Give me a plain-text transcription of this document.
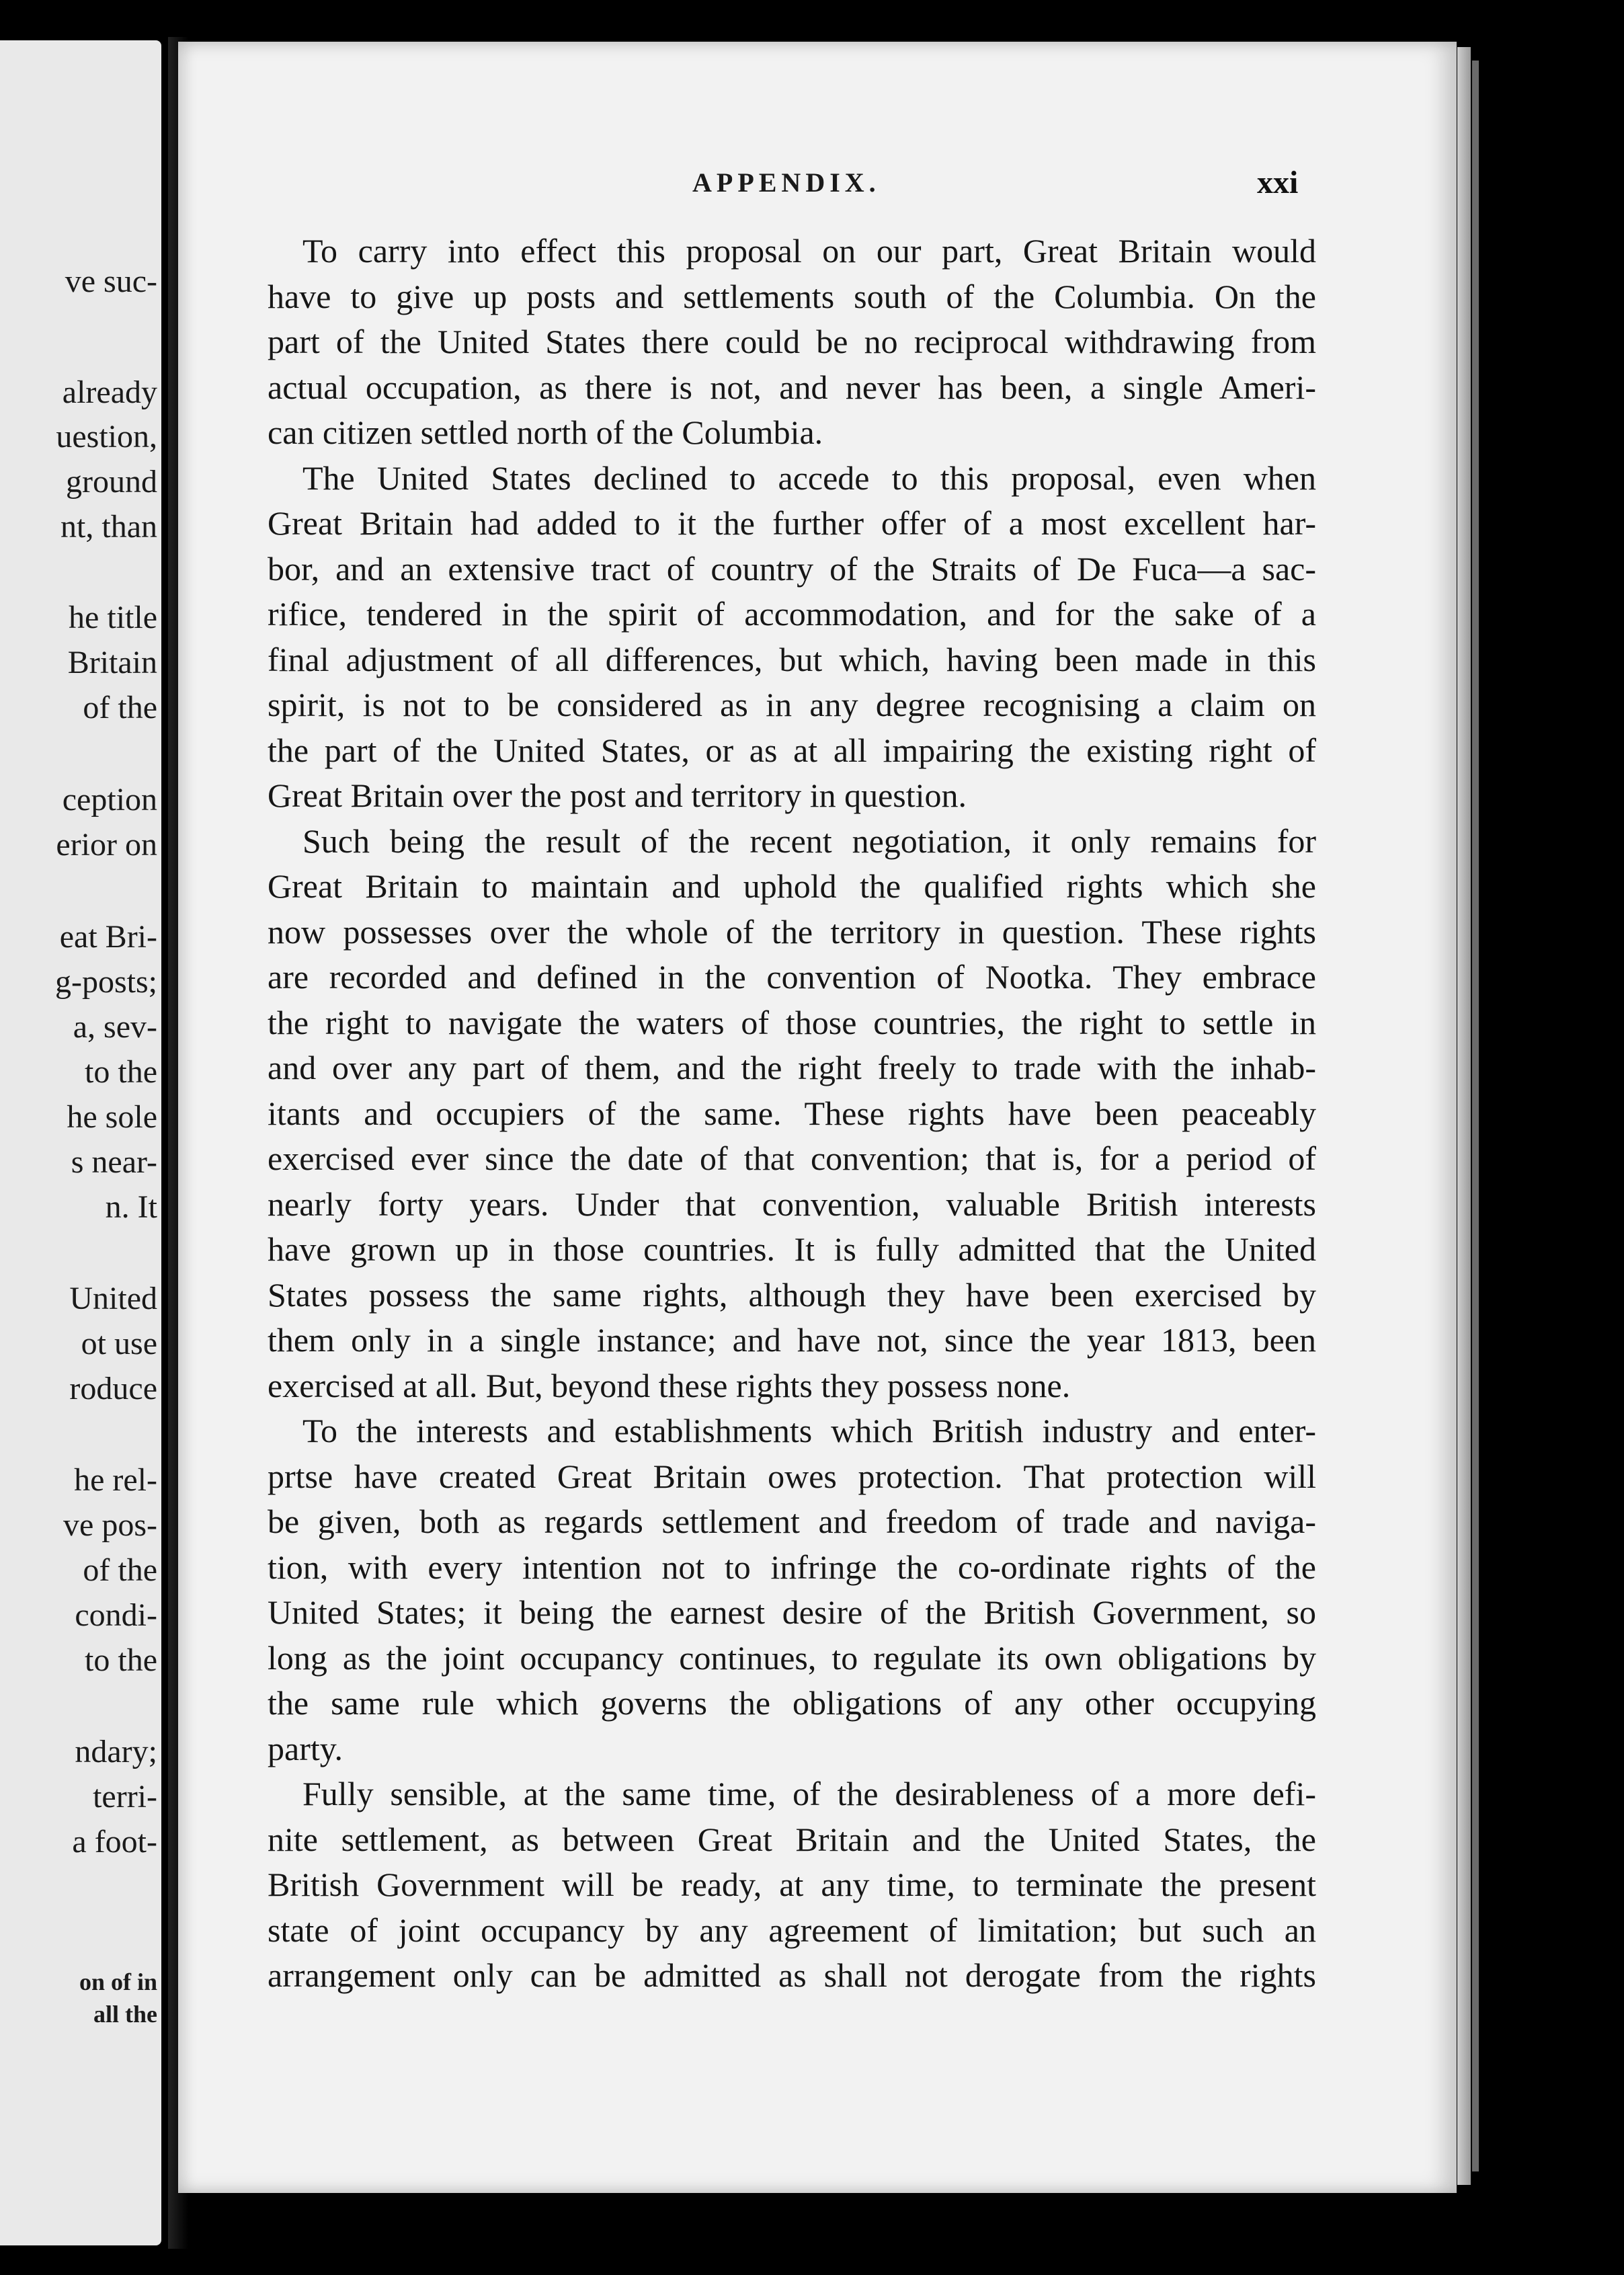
ve suc-
already
uestion,
ground
nt, than
he title
Britain
of the
ception
erior on
eat Bri-
g-posts;
a, sev-
to the
he sole
s near-
n. It
United
ot use
roduce
he rel-
ve pos-
of the
condi-
to the
ndary;
terri-
a foot-
on of in
all the
APPENDIX.	xxi
To carry into effect this proposal on our part, Great Britain would
have to give up posts and settlements south of the Columbia. On the
part of the United States there could be no reciprocal withdrawing from
actual occupation, as there is not, and never has been, a single Ameri-
can citizen settled north of the Columbia.
The United States declined to accede to this proposal, even when
Great Britain had added to it the further offer of a most excellent har-
bor, and an extensive tract of country of the Straits of De Fuca—a sac-
rifice, tendered in the spirit of accommodation, and for the sake of a
final adjustment of all differences, but which, having been made in this
spirit, is not to be considered as in any degree recognising a claim on
the part of the United States, or as at all impairing the existing right of
Great Britain over the post and territory in question.
Such being the result of the recent negotiation, it only remains for
Great Britain to maintain and uphold the qualified rights which she
now possesses over the whole of the territory in question. These rights
are recorded and defined in the convention of Nootka. They embrace
the right to navigate the waters of those countries, the right to settle in
and over any part of them, and the right freely to trade with the inhab-
itants and occupiers of the same. These rights have been peaceably
exercised ever since the date of that convention; that is, for a period of
nearly forty years. Under that convention, valuable British interests
have grown up in those countries. It is fully admitted that the United
States possess the same rights, although they have been exercised by
them only in a single instance; and have not, since the year 1813, been
exercised at all. But, beyond these rights they possess none.
To the interests and establishments which British industry and enter-
prtse have created Great Britain owes protection. That protection will
be given, both as regards settlement and freedom of trade and naviga-
tion, with every intention not to infringe the co-ordinate rights of the
United States; it being the earnest desire of the British Government, so
long as the joint occupancy continues, to regulate its own obligations by
the same rule which governs the obligations of any other occupying
party.
Fully sensible, at the same time, of the desirableness of a more defi-
nite settlement, as between Great Britain and the United States, the
British Government will be ready, at any time, to terminate the present
state of joint occupancy by any agreement of limitation; but such an
arrangement only can be admitted as shall not derogate from the rights
